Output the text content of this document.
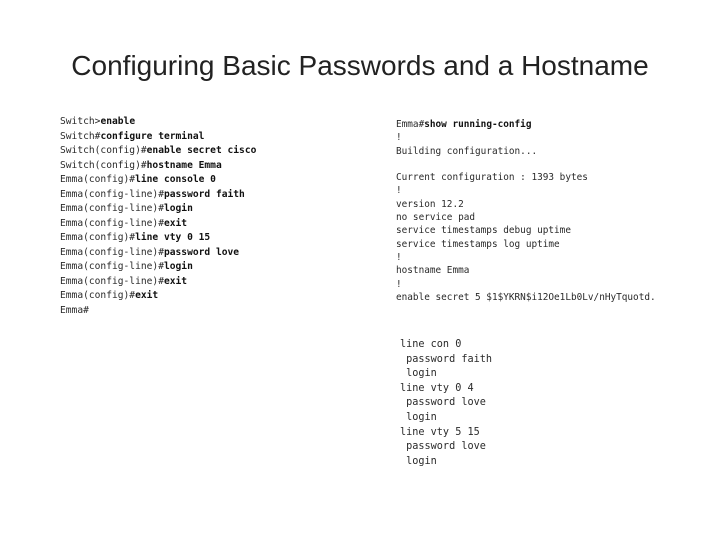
Configuring Basic Passwords and a Hostname
Switch>enable
Switch#configure terminal
Switch(config)#enable secret cisco
Switch(config)#hostname Emma
Emma(config)#line console 0
Emma(config-line)#password faith
Emma(config-line)#login
Emma(config-line)#exit
Emma(config)#line vty 0 15
Emma(config-line)#password love
Emma(config-line)#login
Emma(config-line)#exit
Emma(config)#exit
Emma#
Emma#show running-config
!
Building configuration...
Current configuration : 1393 bytes
!
version 12.2
no service pad
service timestamps debug uptime
service timestamps log uptime
!
hostname Emma
!
enable secret 5 $1$YKRN$i12Oe1Lb0Lv/nHyTquotd.
line con 0
password faith
login
line vty 0 4
password love
login
line vty 5 15
password love
login
